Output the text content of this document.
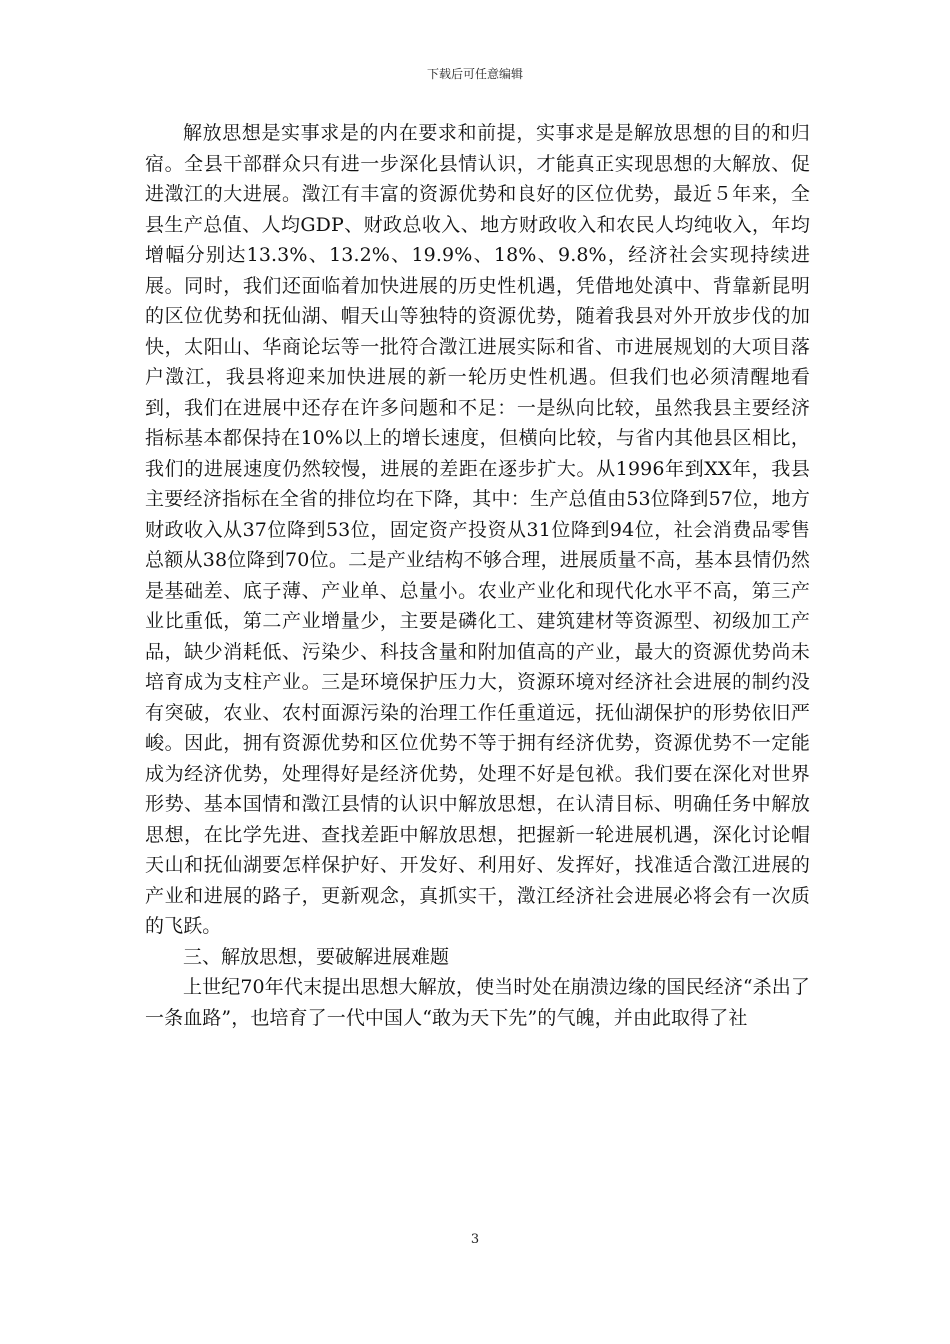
下载后可任意编辑

解放思想是实事求是的内在要求和前提，实事求是是解放思想的目的和归宿。全县干部群众只有进一步深化县情认识，才能真正实现思想的大解放、促进澂江的大进展。澂江有丰富的资源优势和良好的区位优势，最近５年来，全县生产总值、人均GDP、财政总收入、地方财政收入和农民人均纯收入，年均增幅分别达13.3%、13.2%、19.9%、18%、9.8%，经济社会实现持续进展。同时，我们还面临着加快进展的历史性机遇，凭借地处滇中、背靠新昆明的区位优势和抚仙湖、帽天山等独特的资源优势，随着我县对外开放步伐的加快，太阳山、华商论坛等一批符合澂江进展实际和省、市进展规划的大项目落户澂江，我县将迎来加快进展的新一轮历史性机遇。但我们也必须清醒地看到，我们在进展中还存在许多问题和不足：一是纵向比较，虽然我县主要经济指标基本都保持在10%以上的增长速度，但横向比较，与省内其他县区相比，我们的进展速度仍然较慢，进展的差距在逐步扩大。从1996年到XX年，我县主要经济指标在全省的排位均在下降，其中：生产总值由53位降到57位，地方财政收入从37位降到53位，固定资产投资从31位降到94位，社会消费品零售总额从38位降到70位。二是产业结构不够合理，进展质量不高，基本县情仍然是基础差、底子薄、产业单、总量小。农业产业化和现代化水平不高，第三产业比重低，第二产业增量少，主要是磷化工、建筑建材等资源型、初级加工产品，缺少消耗低、污染少、科技含量和附加值高的产业，最大的资源优势尚未培育成为支柱产业。三是环境保护压力大，资源环境对经济社会进展的制约没有突破，农业、农村面源污染的治理工作任重道远，抚仙湖保护的形势依旧严峻。因此，拥有资源优势和区位优势不等于拥有经济优势，资源优势不一定能成为经济优势，处理得好是经济优势，处理不好是包袱。我们要在深化对世界形势、基本国情和澂江县情的认识中解放思想，在认清目标、明确任务中解放思想，在比学先进、查找差距中解放思想，把握新一轮进展机遇，深化讨论帽天山和抚仙湖要怎样保护好、开发好、利用好、发挥好，找准适合澂江进展的产业和进展的路子，更新观念，真抓实干，澂江经济社会进展必将会有一次质的飞跃。

三、解放思想，要破解进展难题

上世纪70年代末提出思想大解放，使当时处在崩溃边缘的国民经济“杀出了一条血路”，也培育了一代中国人“敢为天下先”的气魄，并由此取得了社

3
